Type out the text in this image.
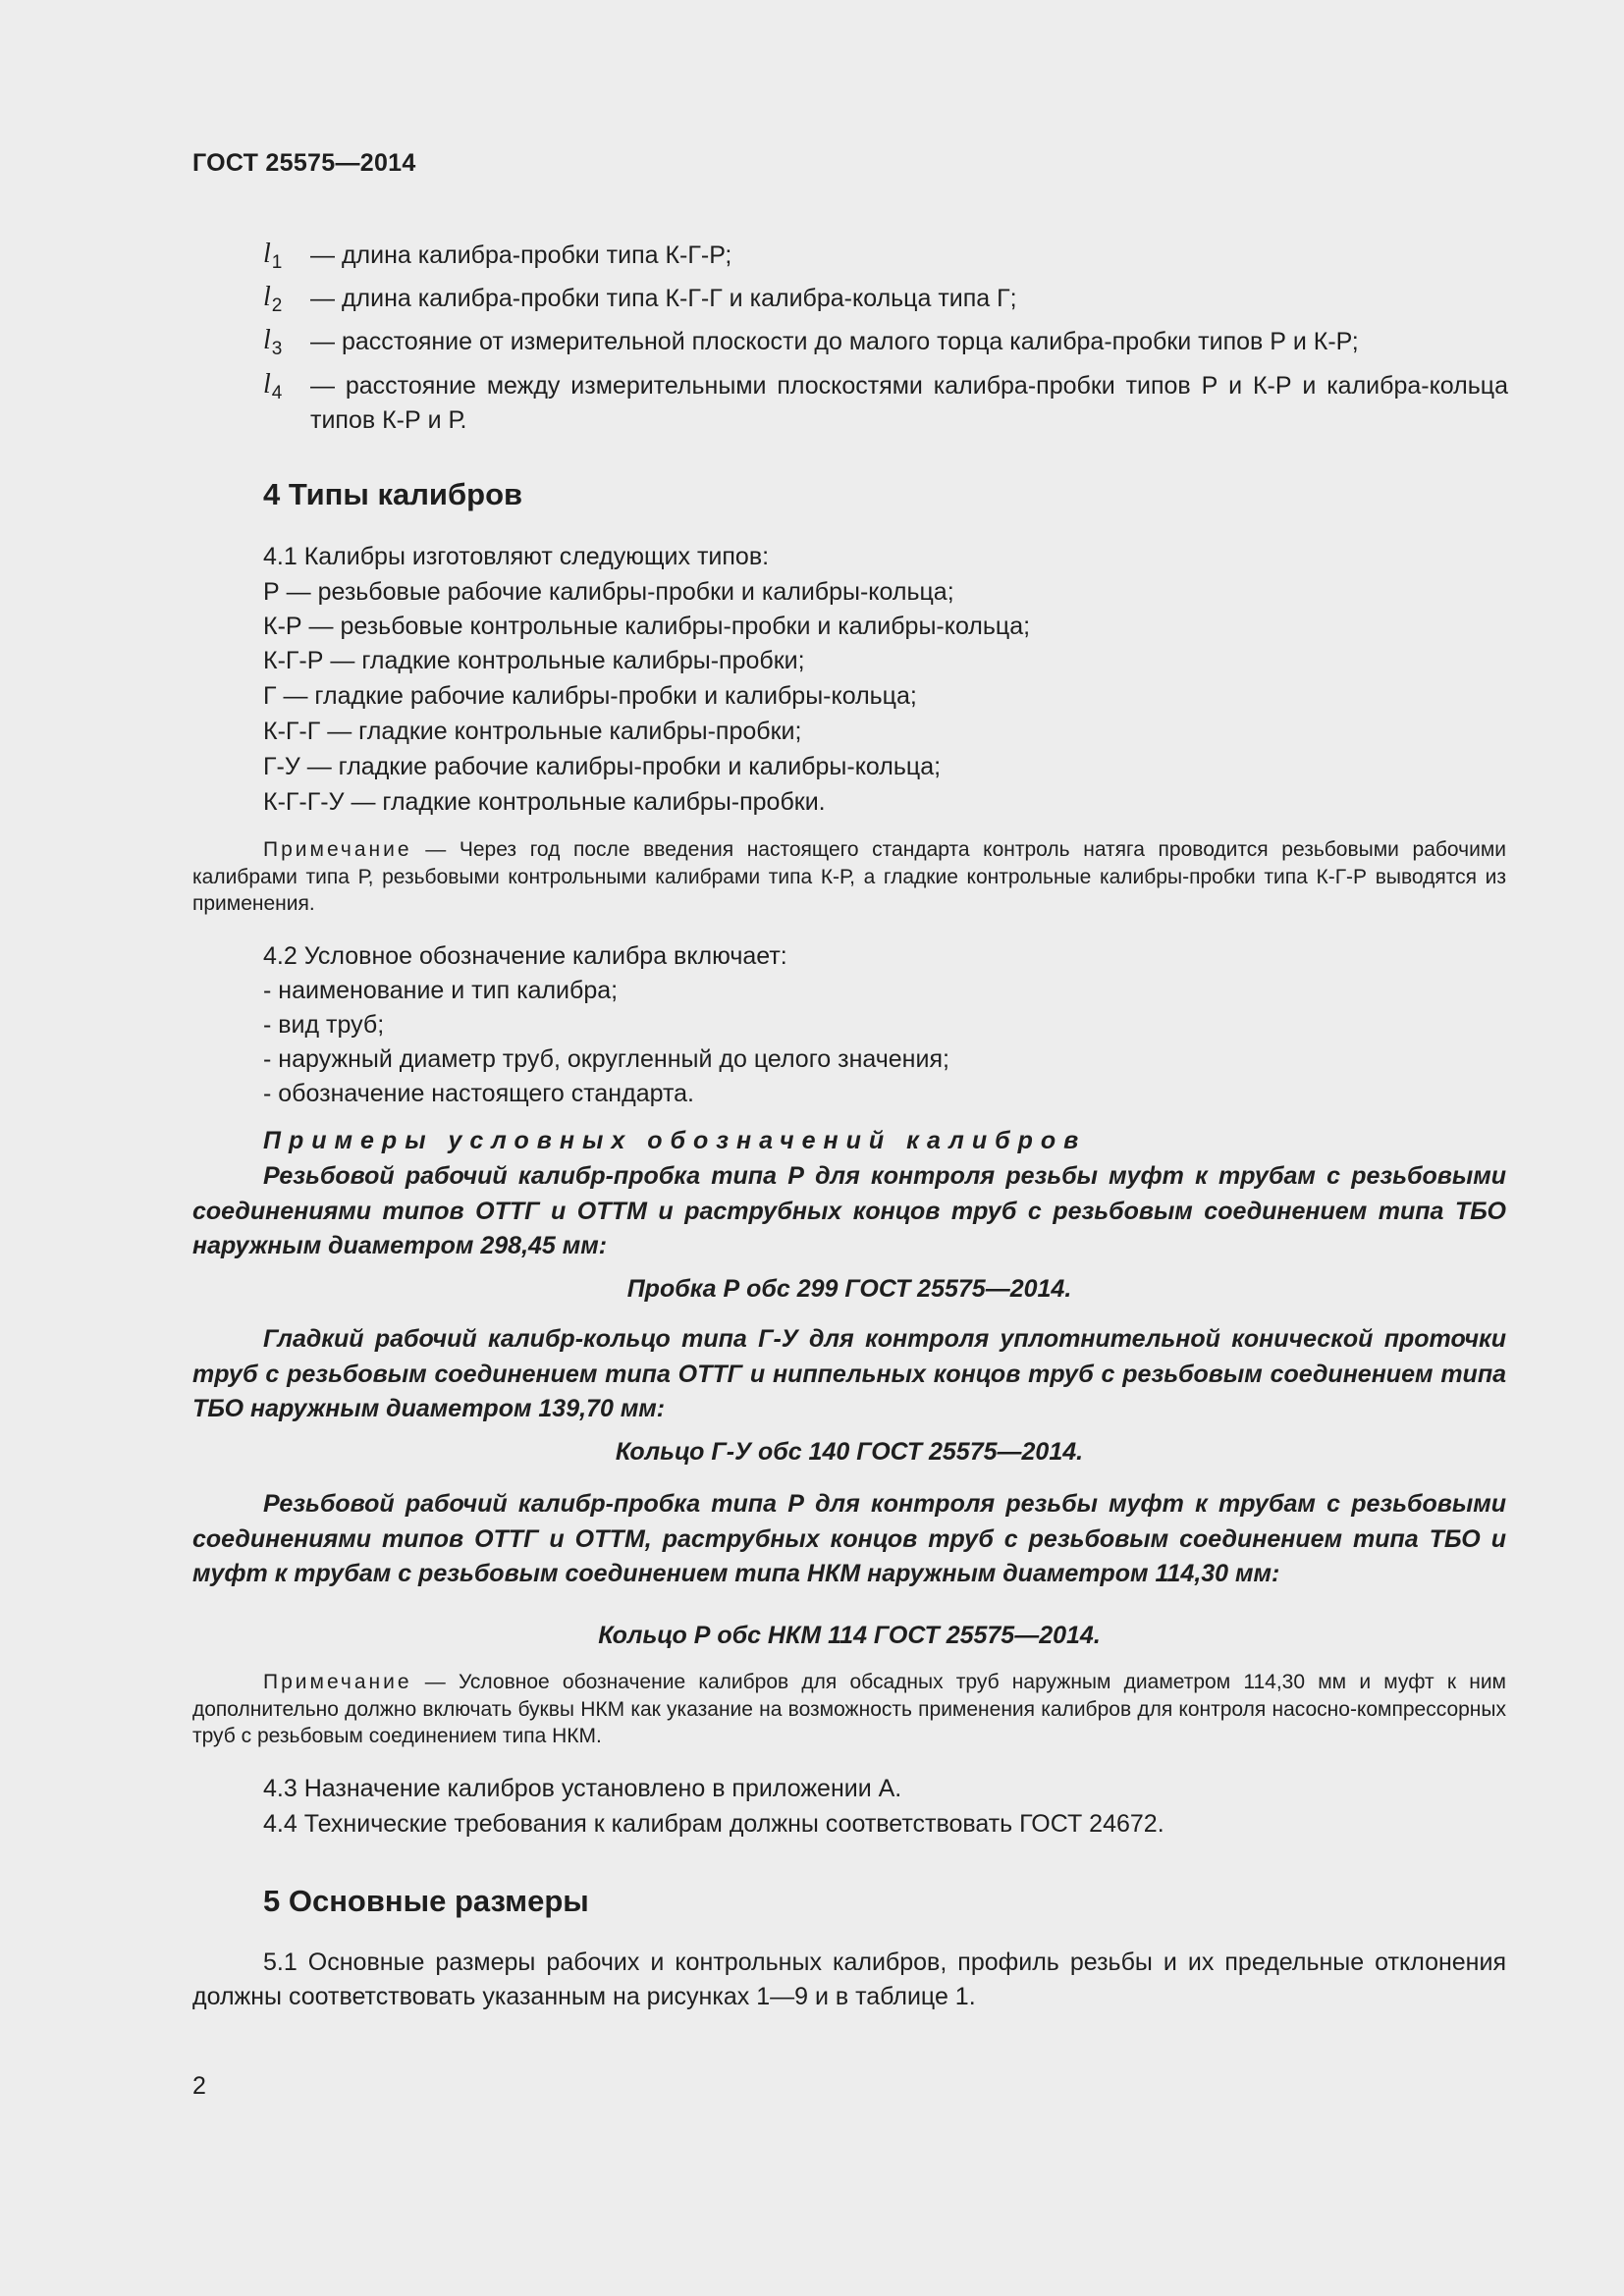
ГОСТ 25575—2014
$l_1$ — длина калибра-пробки типа К-Г-Р;
$l_2$ — длина калибра-пробки типа К-Г-Г и калибра-кольца типа Г;
$l_3$ — расстояние от измерительной плоскости до малого торца калибра-пробки типов Р и К-Р;
$l_4$ — расстояние между измерительными плоскостями калибра-пробки типов Р и К-Р и калибра-кольца типов К-Р и Р.
4 Типы калибров
4.1 Калибры изготовляют следующих типов:
Р — резьбовые рабочие калибры-пробки и калибры-кольца;
К-Р — резьбовые контрольные калибры-пробки и калибры-кольца;
К-Г-Р — гладкие контрольные калибры-пробки;
Г — гладкие рабочие калибры-пробки и калибры-кольца;
К-Г-Г — гладкие контрольные калибры-пробки;
Г-У — гладкие рабочие калибры-пробки и калибры-кольца;
К-Г-Г-У — гладкие контрольные калибры-пробки.
Примечание — Через год после введения настоящего стандарта контроль натяга проводится резьбовыми рабочими калибрами типа Р, резьбовыми контрольными калибрами типа К-Р, а гладкие контрольные калибры-пробки типа К-Г-Р выводятся из применения.
4.2 Условное обозначение калибра включает:
- наименование и тип калибра;
- вид труб;
- наружный диаметр труб, округленный до целого значения;
- обозначение настоящего стандарта.
Примеры условных обозначений калибров
Резьбовой рабочий калибр-пробка типа Р для контроля резьбы муфт к трубам с резьбовыми соединениями типов ОТТГ и ОТТМ и раструбных концов труб с резьбовым соединением типа ТБО наружным диаметром 298,45 мм:
Пробка Р обс 299 ГОСТ 25575—2014.
Гладкий рабочий калибр-кольцо типа Г-У для контроля уплотнительной конической проточки труб с резьбовым соединением типа ОТТГ и ниппельных концов труб с резьбовым соединением типа ТБО наружным диаметром 139,70 мм:
Кольцо Г-У обс 140 ГОСТ 25575—2014.
Резьбовой рабочий калибр-пробка типа Р для контроля резьбы муфт к трубам с резьбовыми соединениями типов ОТТГ и ОТТМ, раструбных концов труб с резьбовым соединением типа ТБО и муфт к трубам с резьбовым соединением типа НКМ наружным диаметром 114,30 мм:
Кольцо Р обс НКМ 114 ГОСТ 25575—2014.
Примечание — Условное обозначение калибров для обсадных труб наружным диаметром 114,30 мм и муфт к ним дополнительно должно включать буквы НКМ как указание на возможность применения калибров для контроля насосно-компрессорных труб с резьбовым соединением типа НКМ.
4.3 Назначение калибров установлено в приложении А.
4.4 Технические требования к калибрам должны соответствовать ГОСТ 24672.
5 Основные размеры
5.1 Основные размеры рабочих и контрольных калибров, профиль резьбы и их предельные отклонения должны соответствовать указанным на рисунках 1—9 и в таблице 1.
2
